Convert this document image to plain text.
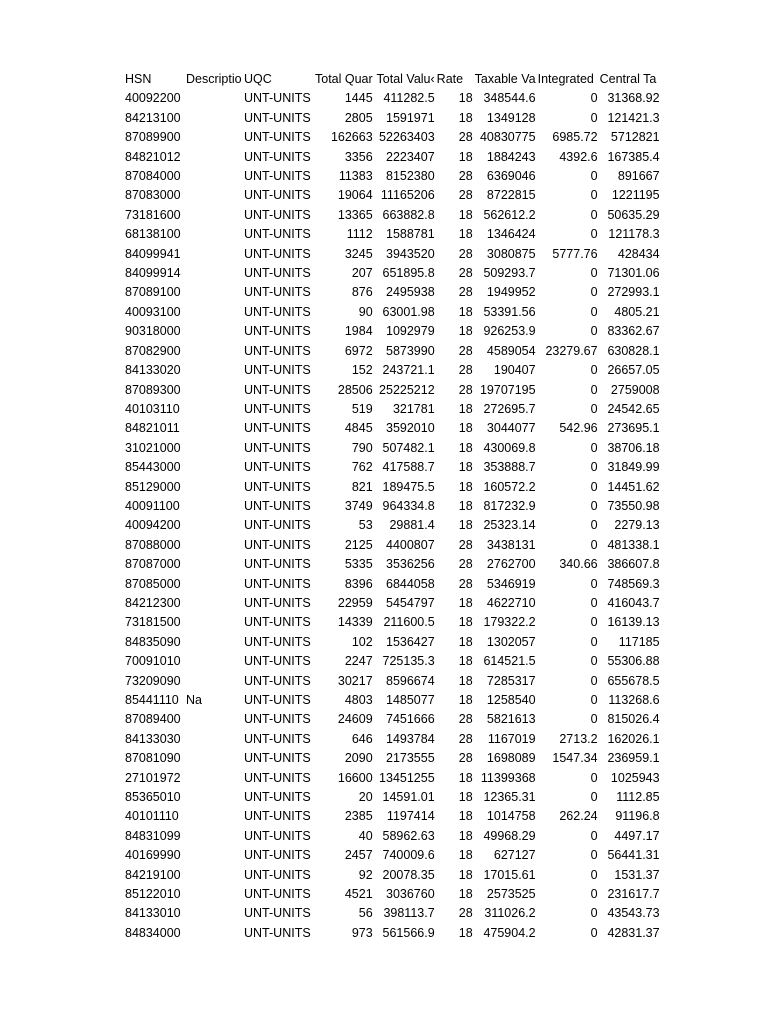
HSN	Descriptio	UQC	Total Quar	Total Valu‹	Rate	Taxable Va	Integrated	Central Ta
40092200		UNT-UNITS	1445	411282.5	18	348544.6	0	31368.92
84213100		UNT-UNITS	2805	1591971	18	1349128	0	121421.3
87089900		UNT-UNITS	162663	52263403	28	40830775	6985.72	5712821
84821012		UNT-UNITS	3356	2223407	18	1884243	4392.6	167385.4
87084000		UNT-UNITS	11383	8152380	28	6369046	0	891667
87083000		UNT-UNITS	19064	11165206	28	8722815	0	1221195
73181600		UNT-UNITS	13365	663882.8	18	562612.2	0	50635.29
68138100		UNT-UNITS	1112	1588781	18	1346424	0	121178.3
84099941		UNT-UNITS	3245	3943520	28	3080875	5777.76	428434
84099914		UNT-UNITS	207	651895.8	28	509293.7	0	71301.06
87089100		UNT-UNITS	876	2495938	28	1949952	0	272993.1
40093100		UNT-UNITS	90	63001.98	18	53391.56	0	4805.21
90318000		UNT-UNITS	1984	1092979	18	926253.9	0	83362.67
87082900		UNT-UNITS	6972	5873990	28	4589054	23279.67	630828.1
84133020		UNT-UNITS	152	243721.1	28	190407	0	26657.05
87089300		UNT-UNITS	28506	25225212	28	19707195	0	2759008
40103110		UNT-UNITS	519	321781	18	272695.7	0	24542.65
84821011		UNT-UNITS	4845	3592010	18	3044077	542.96	273695.1
31021000		UNT-UNITS	790	507482.1	18	430069.8	0	38706.18
85443000		UNT-UNITS	762	417588.7	18	353888.7	0	31849.99
85129000		UNT-UNITS	821	189475.5	18	160572.2	0	14451.62
40091100		UNT-UNITS	3749	964334.8	18	817232.9	0	73550.98
40094200		UNT-UNITS	53	29881.4	18	25323.14	0	2279.13
87088000		UNT-UNITS	2125	4400807	28	3438131	0	481338.1
87087000		UNT-UNITS	5335	3536256	28	2762700	340.66	386607.8
87085000		UNT-UNITS	8396	6844058	28	5346919	0	748569.3
84212300		UNT-UNITS	22959	5454797	18	4622710	0	416043.7
73181500		UNT-UNITS	14339	211600.5	18	179322.2	0	16139.13
84835090		UNT-UNITS	102	1536427	18	1302057	0	117185
70091010		UNT-UNITS	2247	725135.3	18	614521.5	0	55306.88
73209090		UNT-UNITS	30217	8596674	18	7285317	0	655678.5
85441110	Na	UNT-UNITS	4803	1485077	18	1258540	0	113268.6
87089400		UNT-UNITS	24609	7451666	28	5821613	0	815026.4
84133030		UNT-UNITS	646	1493784	28	1167019	2713.2	162026.1
87081090		UNT-UNITS	2090	2173555	28	1698089	1547.34	236959.1
27101972		UNT-UNITS	16600	13451255	18	11399368	0	1025943
85365010		UNT-UNITS	20	14591.01	18	12365.31	0	1112.85
40101110		UNT-UNITS	2385	1197414	18	1014758	262.24	91196.8
84831099		UNT-UNITS	40	58962.63	18	49968.29	0	4497.17
40169990		UNT-UNITS	2457	740009.6	18	627127	0	56441.31
84219100		UNT-UNITS	92	20078.35	18	17015.61	0	1531.37
85122010		UNT-UNITS	4521	3036760	18	2573525	0	231617.7
84133010		UNT-UNITS	56	398113.7	28	311026.2	0	43543.73
84834000		UNT-UNITS	973	561566.9	18	475904.2	0	42831.37
